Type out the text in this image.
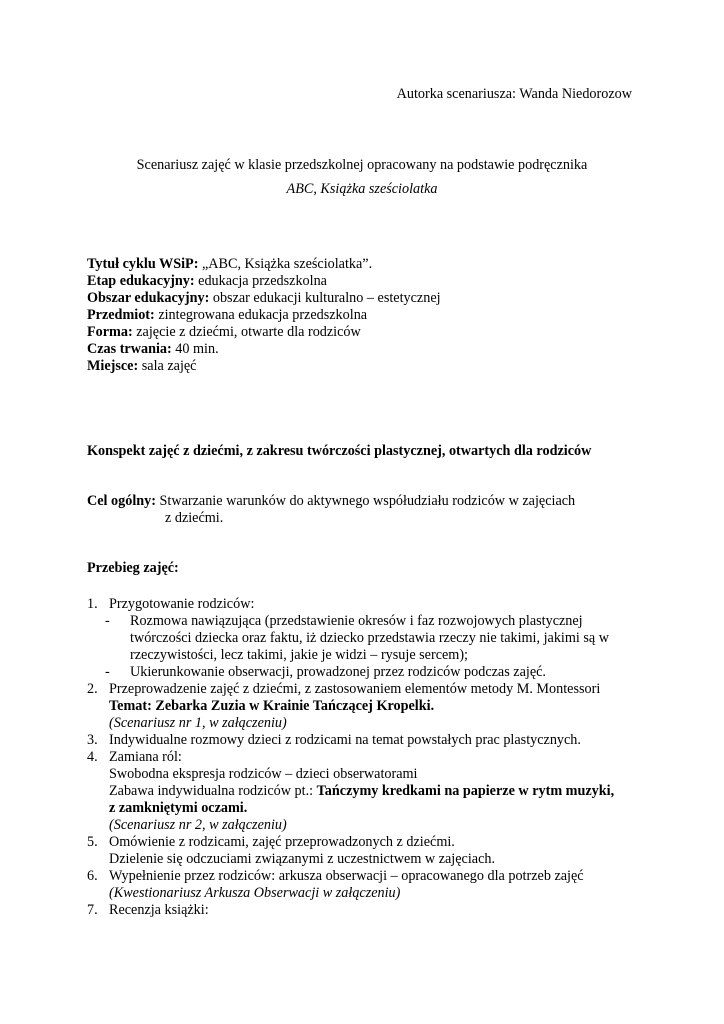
Autorka scenariusza: Wanda Niedorozow
Scenariusz zajęć w klasie przedszkolnej opracowany na podstawie podręcznika
ABC, Książka sześciolatka
Tytuł cyklu WSiP: „ABC, Książka sześciolatka”.
Etap edukacyjny: edukacja przedszkolna
Obszar edukacyjny: obszar edukacji kulturalno – estetycznej
Przedmiot: zintegrowana edukacja przedszkolna
Forma: zajęcie z dziećmi, otwarte dla rodziców
Czas trwania: 40 min.
Miejsce: sala zajęć
Konspekt zajęć z dziećmi, z zakresu twórczości plastycznej, otwartych dla rodziców
Cel ogólny: Stwarzanie warunków do aktywnego współudziału rodziców w zajęciach
z dziećmi.
Przebieg zajęć:
1. Przygotowanie rodziców:
- Rozmowa nawiązująca (przedstawienie okresów i faz rozwojowych plastycznej
twórczości dziecka oraz faktu, iż dziecko przedstawia rzeczy nie takimi, jakimi są w
rzeczywistości, lecz takimi, jakie je widzi – rysuje sercem);
- Ukierunkowanie obserwacji, prowadzonej przez rodziców podczas zajęć.
2. Przeprowadzenie zajęć z dziećmi, z zastosowaniem elementów metody M. Montessori
Temat: Zebarka Zuzia w Krainie Tańczącej Kropelki.
(Scenariusz nr 1, w załączeniu)
3. Indywidualne rozmowy dzieci z rodzicami na temat powstałych prac plastycznych.
4. Zamiana ról:
Swobodna ekspresja rodziców – dzieci obserwatorami
Zabawa indywidualna rodziców pt.: Tańczymy kredkami na papierze w rytm muzyki,
z zamkniętymi oczami.
(Scenariusz nr 2, w załączeniu)
5. Omówienie z rodzicami, zajęć przeprowadzonych z dziećmi.
Dzielenie się odczuciami związanymi z uczestnictwem w zajęciach.
6. Wypełnienie przez rodziców: arkusza obserwacji – opracowanego dla potrzeb zajęć
(Kwestionariusz Arkusza Obserwacji w załączeniu)
7. Recenzja książki:
